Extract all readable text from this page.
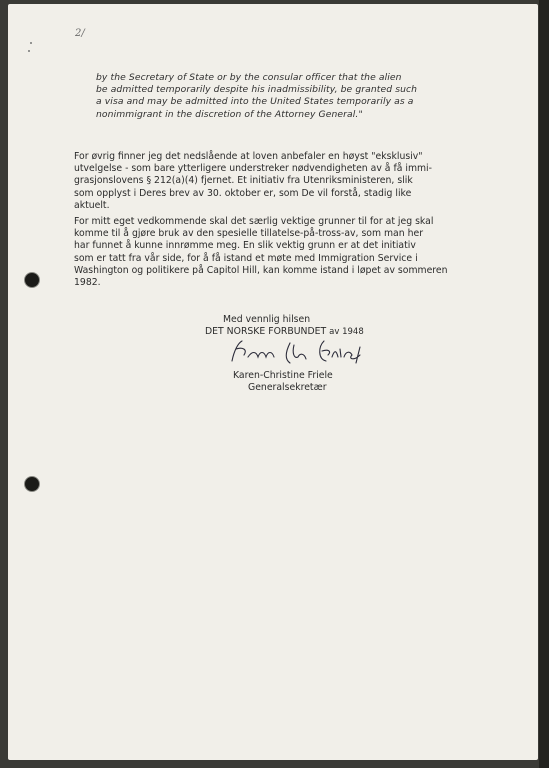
2/
by the Secretary of State or by the consular officer that the alien
be admitted temporarily despite his inadmissibility, be granted such
a visa and may be admitted into the United States temporarily as a
nonimmigrant in the discretion of the Attorney General."
For øvrig finner jeg det nedslående at loven anbefaler en høyst "eksklusiv"
utvelgelse - som bare ytterligere understreker nødvendigheten av å få immi-
grasjonslovens § 212(a)(4) fjernet. Et initiativ fra Utenriksministeren, slik
som opplyst i Deres brev av 30. oktober er, som De vil forstå, stadig like
aktuelt.
For mitt eget vedkommende skal det særlig vektige grunner til for at jeg skal
komme til å gjøre bruk av den spesielle tillatelse-på-tross-av, som man her
har funnet å kunne innrømme meg. En slik vektig grunn er at det initiativ
som er tatt fra vår side, for å få istand et møte med Immigration Service i
Washington og politikere på Capitol Hill, kan komme istand i løpet av sommeren
1982.
Med vennlig hilsen
DET NORSKE FORBUNDET av 1948
Karen-Christine Friele
Generalsekretær
